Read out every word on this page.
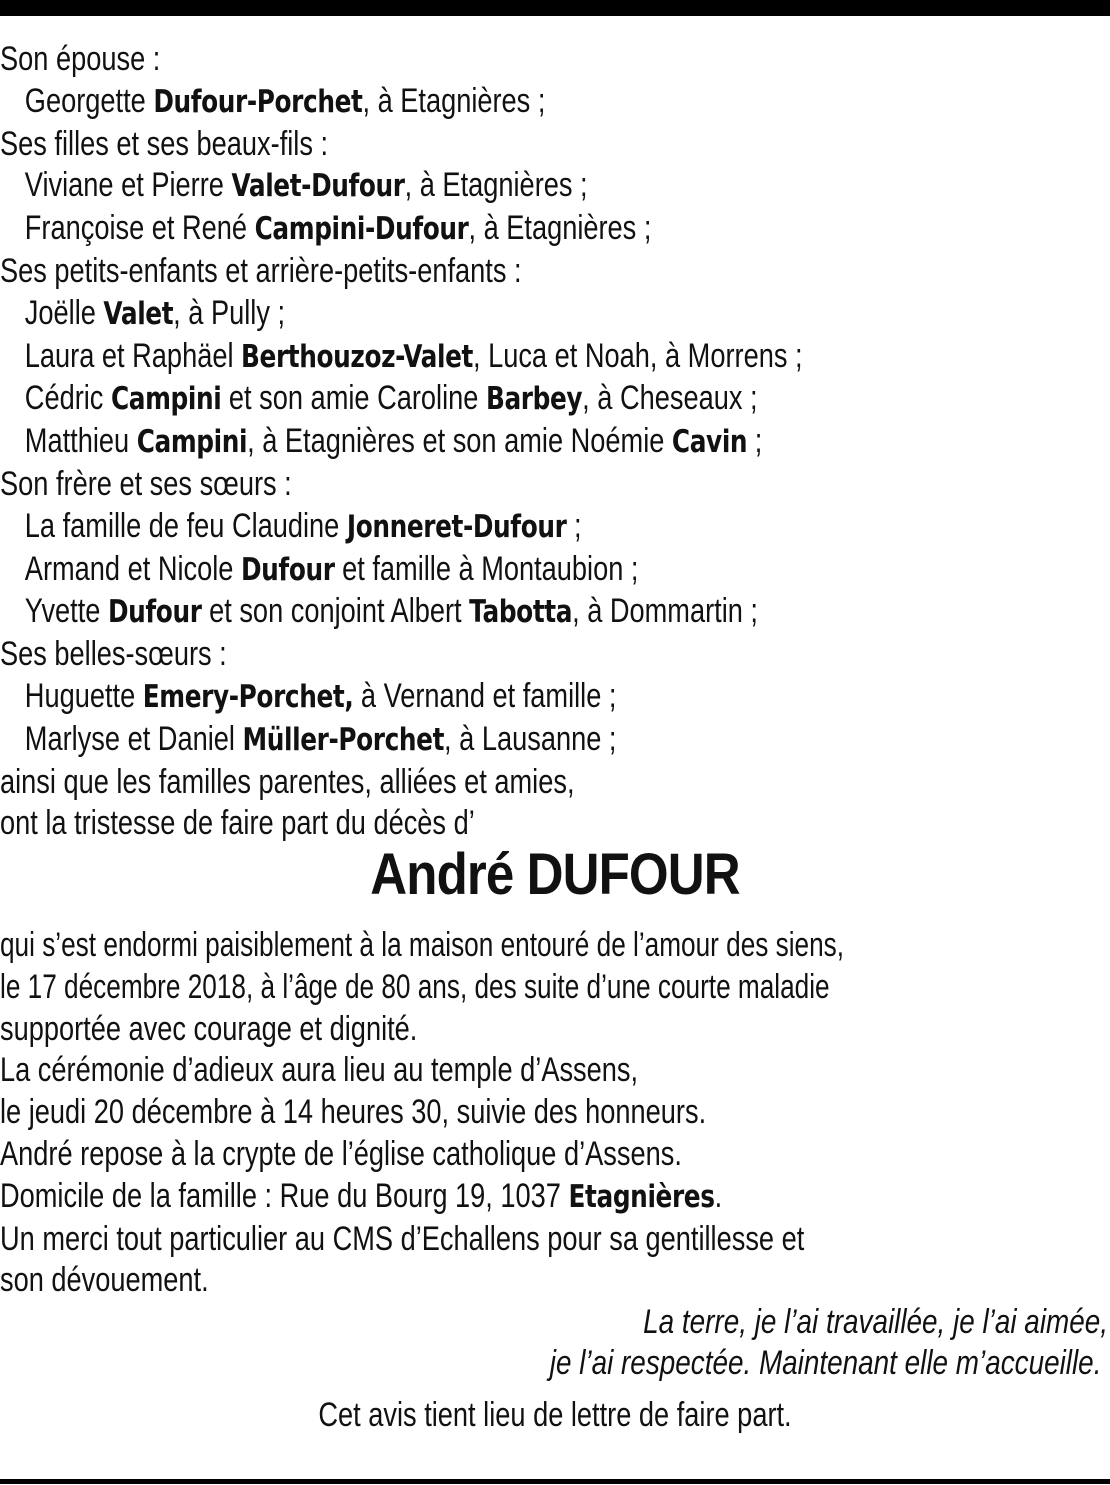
Son épouse :
Georgette Dufour-Porchet, à Etagnières ;
Ses filles et ses beaux-fils :
Viviane et Pierre Valet-Dufour, à Etagnières ;
Françoise et René Campini-Dufour, à Etagnières ;
Ses petits-enfants et arrière-petits-enfants :
Joëlle Valet, à Pully ;
Laura et Raphäel Berthouzoz-Valet, Luca et Noah, à Morrens ;
Cédric Campini et son amie Caroline Barbey, à Cheseaux ;
Matthieu Campini, à Etagnières et son amie Noémie Cavin ;
Son frère et ses sœurs :
La famille de feu Claudine Jonneret-Dufour ;
Armand et Nicole Dufour et famille à Montaubion ;
Yvette Dufour et son conjoint Albert Tabotta, à Dommartin ;
Ses belles-sœurs :
Huguette Emery-Porchet, à Vernand et famille ;
Marlyse et Daniel Müller-Porchet, à Lausanne ;
ainsi que les familles parentes, alliées et amies,
ont la tristesse de faire part du décès d’
André DUFOUR
qui s’est endormi paisiblement à la maison entouré de l’amour des siens,
le 17 décembre 2018, à l’âge de 80 ans, des suite d’une courte maladie
supportée avec courage et dignité.
La cérémonie d’adieux aura lieu au temple d’Assens,
le jeudi 20 décembre à 14 heures 30, suivie des honneurs.
André repose à la crypte de l’église catholique d’Assens.
Domicile de la famille : Rue du Bourg 19, 1037 Etagnières.
Un merci tout particulier au CMS d’Echallens pour sa gentillesse et
son dévouement.
La terre, je l’ai travaillée, je l’ai aimée,
je l’ai respectée. Maintenant elle m’accueille.
Cet avis tient lieu de lettre de faire part.
